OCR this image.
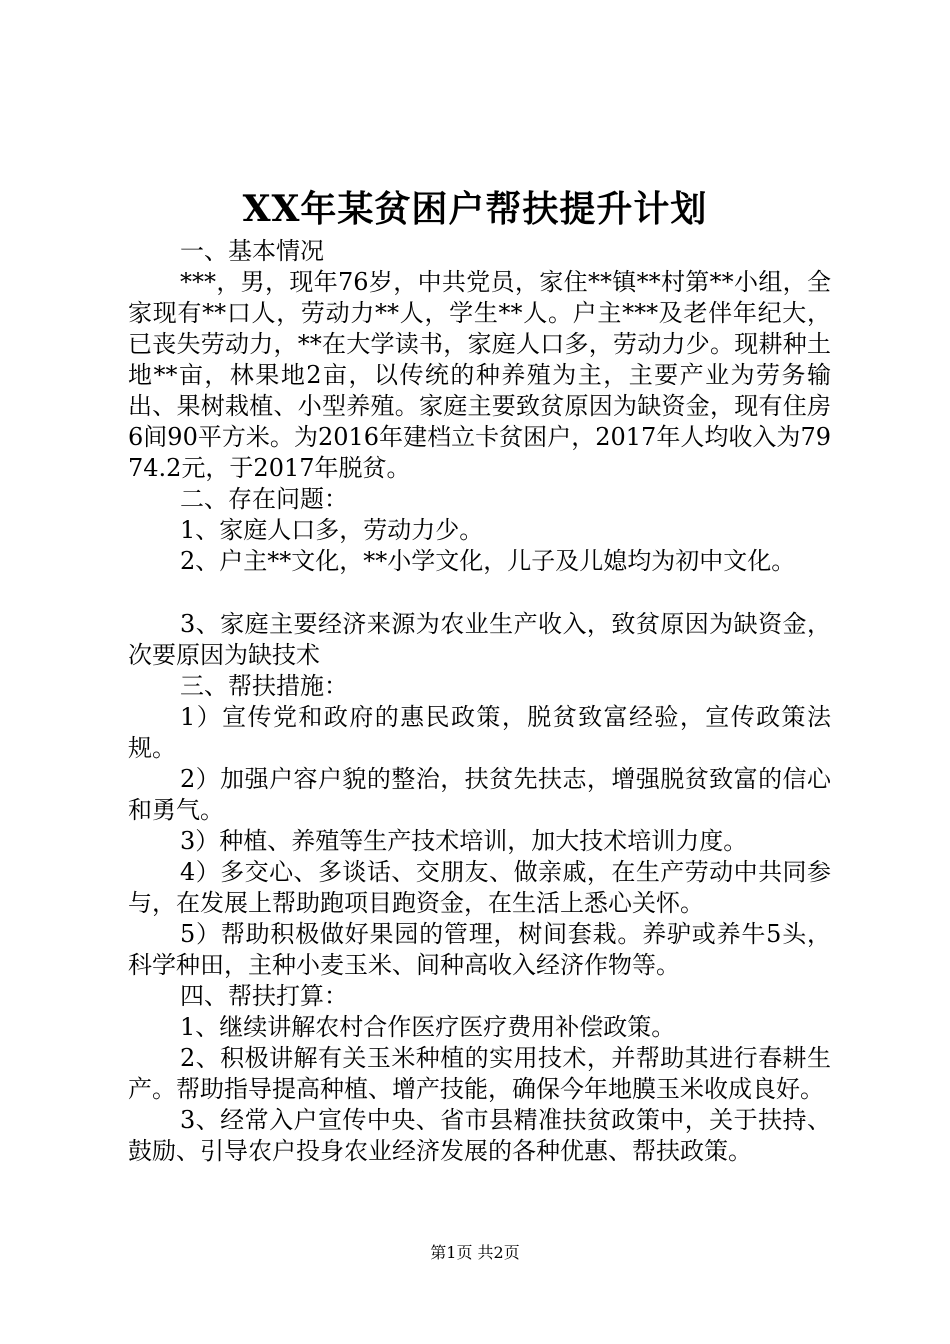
XX年某贫困户帮扶提升计划

一、基本情况

***，男，现年76岁，中共党员，家住**镇**村第**小组，全家现有**口人，劳动力**人，学生**人。户主***及老伴年纪大，已丧失劳动力，**在大学读书，家庭人口多，劳动力少。现耕种土地**亩，林果地2亩，以传统的种养殖为主，主要产业为劳务输出、果树栽植、小型养殖。家庭主要致贫原因为缺资金，现有住房6间90平方米。为2016年建档立卡贫困户，2017年人均收入为7974.2元，于2017年脱贫。

二、存在问题：

1、家庭人口多，劳动力少。

2、户主**文化，**小学文化，儿子及儿媳均为初中文化。

3、家庭主要经济来源为农业生产收入，致贫原因为缺资金，次要原因为缺技术

三、帮扶措施：

1）宣传党和政府的惠民政策，脱贫致富经验，宣传政策法规。

2）加强户容户貌的整治，扶贫先扶志，增强脱贫致富的信心和勇气。

3）种植、养殖等生产技术培训，加大技术培训力度。

4）多交心、多谈话、交朋友、做亲戚，在生产劳动中共同参与，在发展上帮助跑项目跑资金，在生活上悉心关怀。

5）帮助积极做好果园的管理，树间套栽。养驴或养牛5头，科学种田，主种小麦玉米、间种高收入经济作物等。

四、帮扶打算：

1、继续讲解农村合作医疗医疗费用补偿政策。

2、积极讲解有关玉米种植的实用技术，并帮助其进行春耕生产。帮助指导提高种植、增产技能，确保今年地膜玉米收成良好。

3、经常入户宣传中央、省市县精准扶贫政策中，关于扶持、鼓励、引导农户投身农业经济发展的各种优惠、帮扶政策。

第1页 共2页
